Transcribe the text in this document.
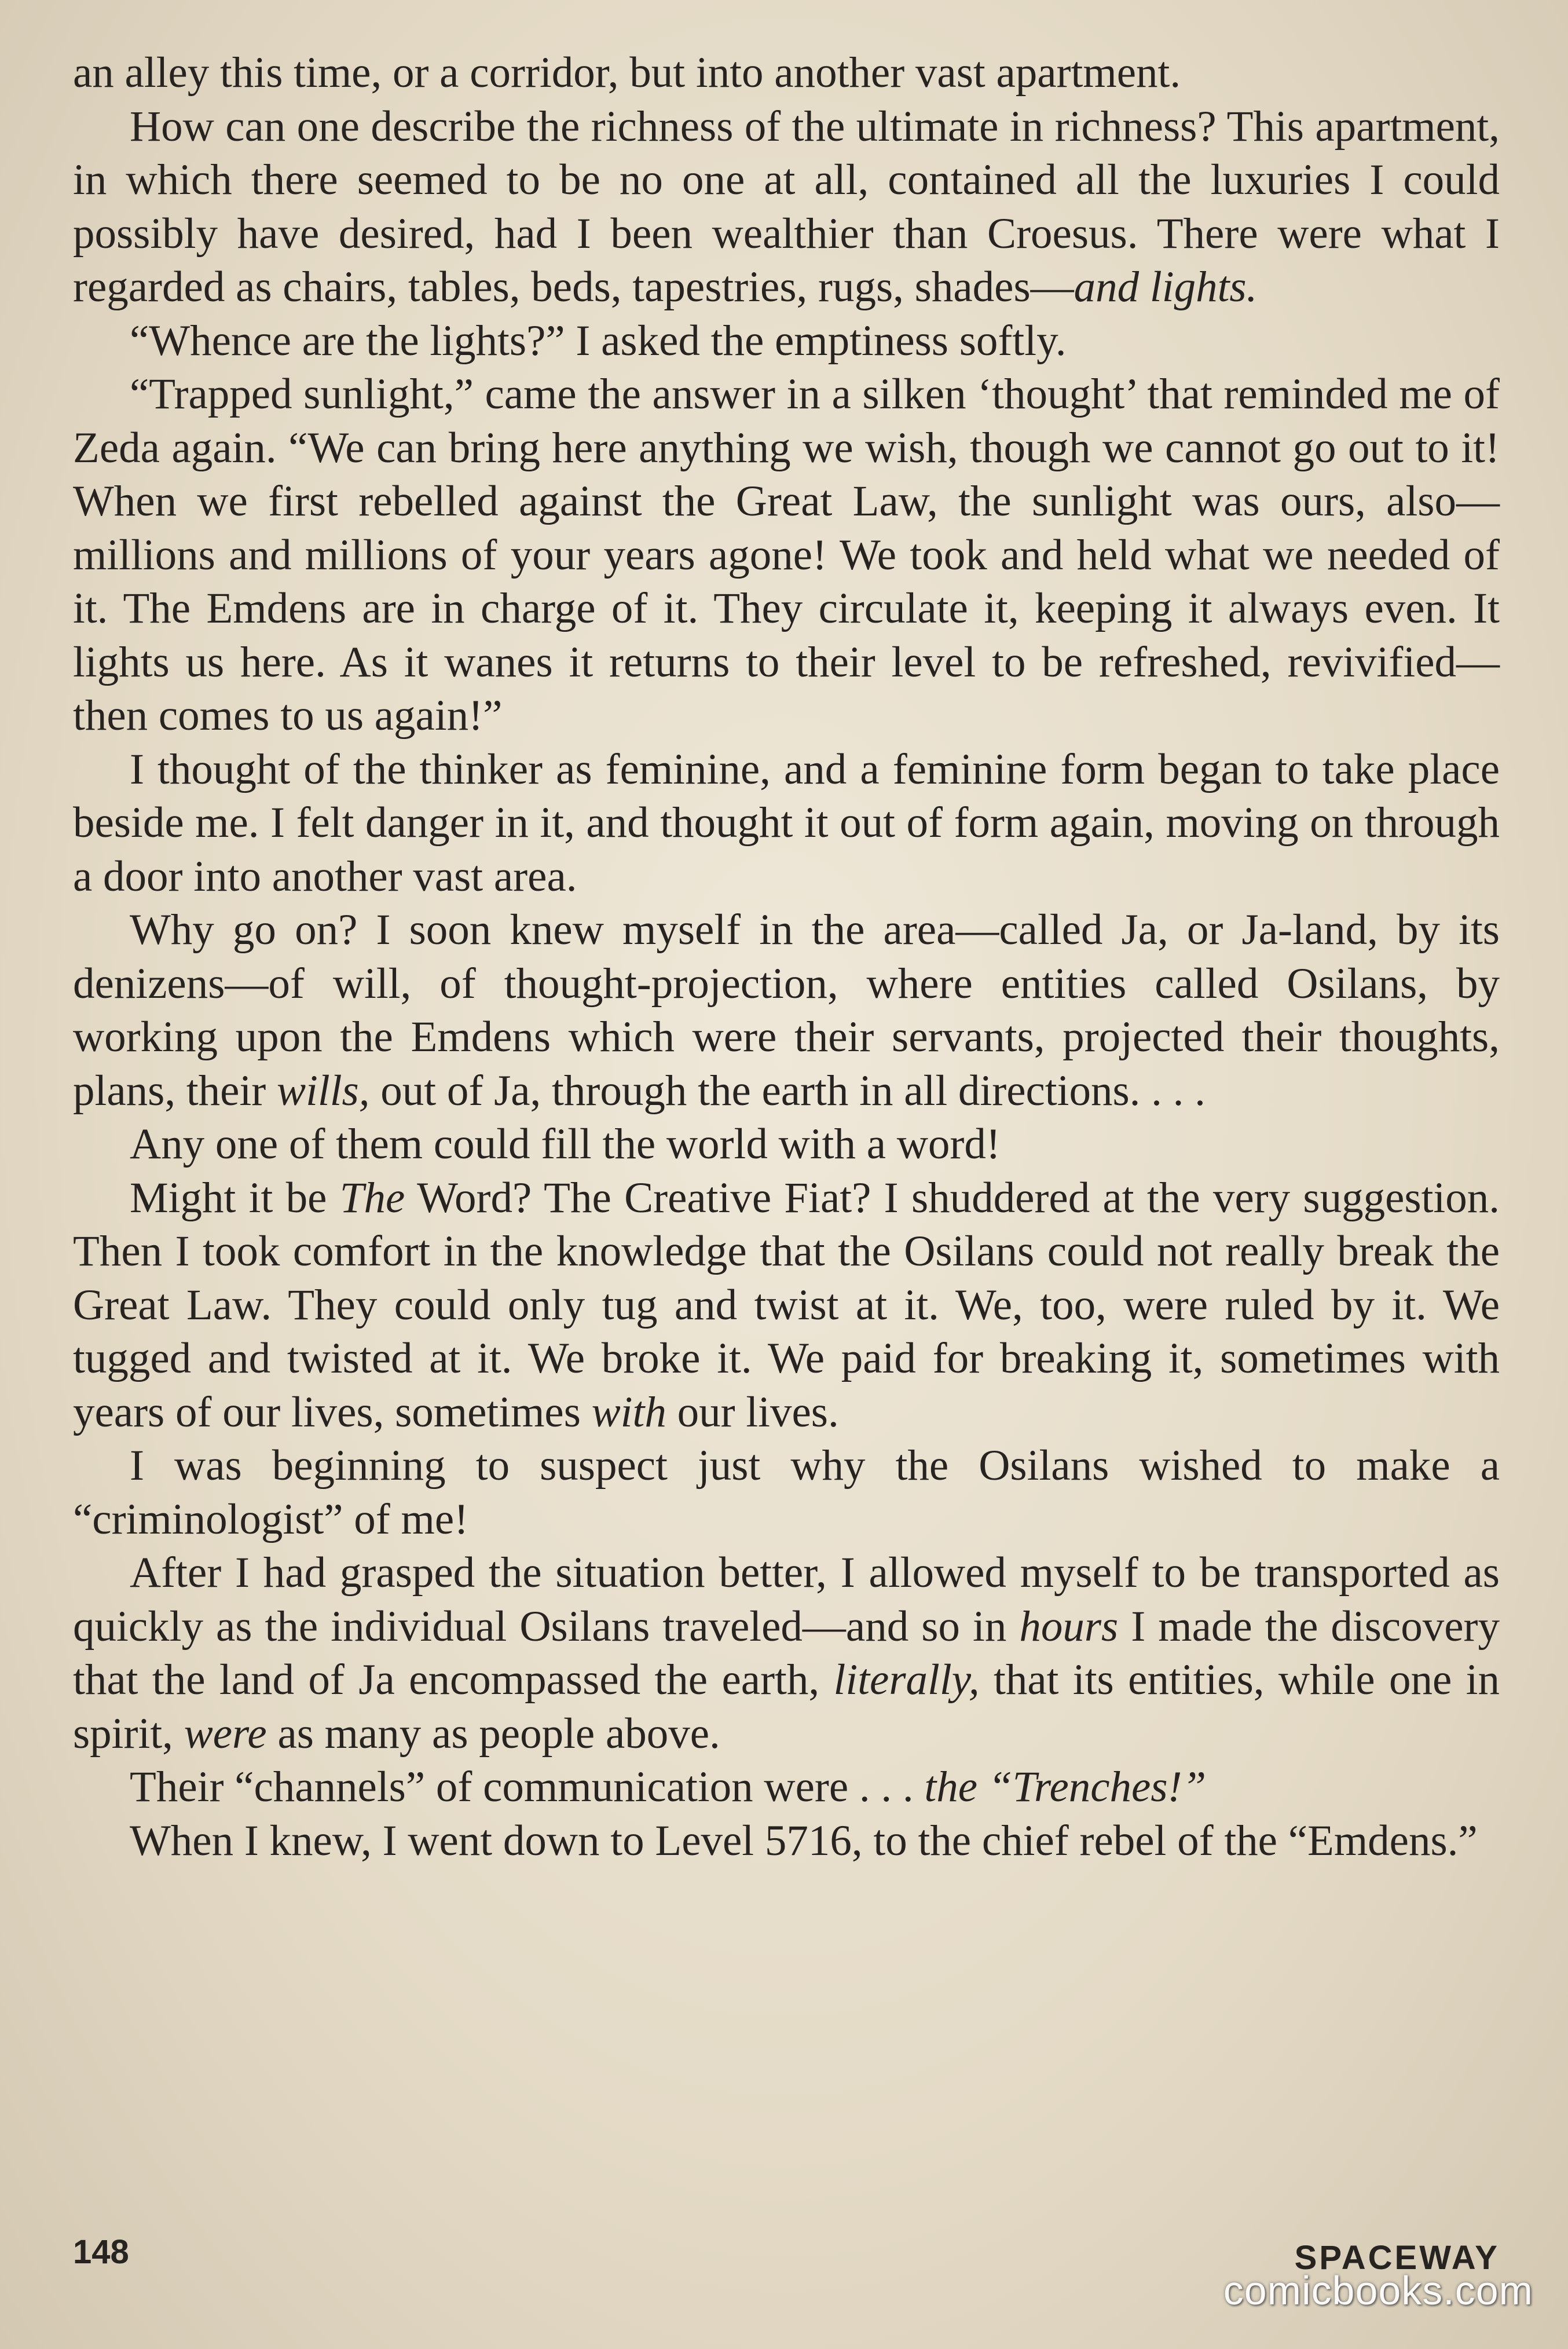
an alley this time, or a corridor, but into another vast apartment.

How can one describe the richness of the ultimate in richness? This apartment, in which there seemed to be no one at all, contained all the luxuries I could possibly have desired, had I been wealthier than Croesus. There were what I regarded as chairs, tables, beds, tapestries, rugs, shades—and lights.

“Whence are the lights?” I asked the emptiness softly.

“Trapped sunlight,” came the answer in a silken ‘thought’ that reminded me of Zeda again. “We can bring here anything we wish, though we cannot go out to it! When we first rebelled against the Great Law, the sunlight was ours, also—millions and millions of your years agone! We took and held what we needed of it. The Emdens are in charge of it. They circulate it, keeping it always even. It lights us here. As it wanes it returns to their level to be refreshed, revivified—then comes to us again!”

I thought of the thinker as feminine, and a feminine form began to take place beside me. I felt danger in it, and thought it out of form again, moving on through a door into another vast area.

Why go on? I soon knew myself in the area—called Ja, or Ja-land, by its denizens—of will, of thought-projection, where entities called Osilans, by working upon the Emdens which were their servants, projected their thoughts, plans, their wills, out of Ja, through the earth in all directions. . . .

Any one of them could fill the world with a word!

Might it be The Word? The Creative Fiat? I shuddered at the very suggestion. Then I took comfort in the knowledge that the Osilans could not really break the Great Law. They could only tug and twist at it. We, too, were ruled by it. We tugged and twisted at it. We broke it. We paid for breaking it, sometimes with years of our lives, sometimes with our lives.

I was beginning to suspect just why the Osilans wished to make a “criminologist” of me!

After I had grasped the situation better, I allowed myself to be transported as quickly as the individual Osilans traveled—and so in hours I made the discovery that the land of Ja encompassed the earth, literally, that its entities, while one in spirit, were as many as people above.

Their “channels” of communication were . . . the “Trenches!”

When I knew, I went down to Level 5716, to the chief rebel of the “Emdens.”

148	SPACEWAY
comicbooks.com
